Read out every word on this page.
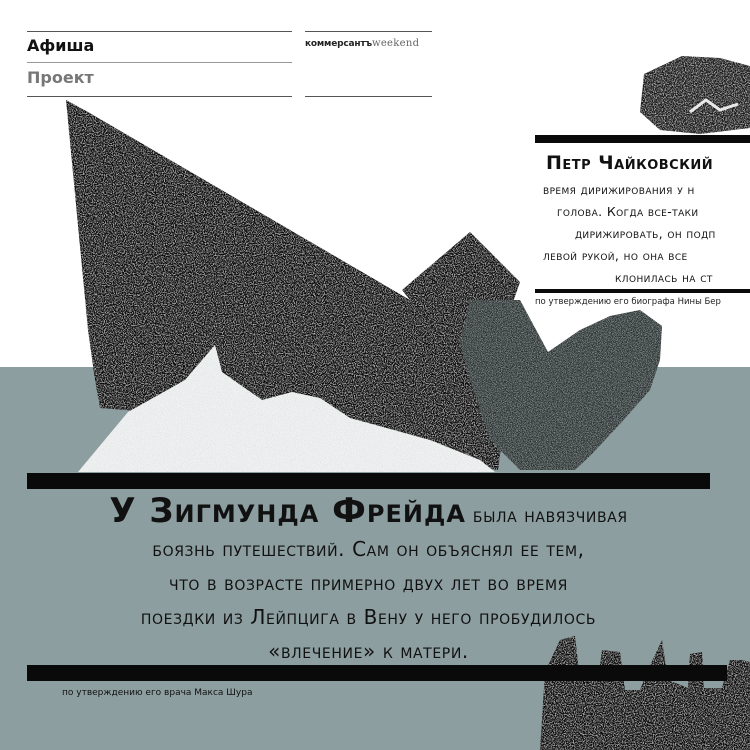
Афиша
Проект
коммерсантъweekend
Петр Чайковский
время дирижирования у н
голова. Когда все-таки
дирижировать, он подп
левой рукой, но она все
клонилась на ст
по утверждению его биографа Нины Бер
У Зигмунда Фрейда была навязчивая
боязнь путешествий. Сам он объяснял ее тем,
что в возрасте примерно двух лет во время
поездки из Лейпцига в Вену у него пробудилось
«влечение» к матери.
по утверждению его врача Макса Шура
